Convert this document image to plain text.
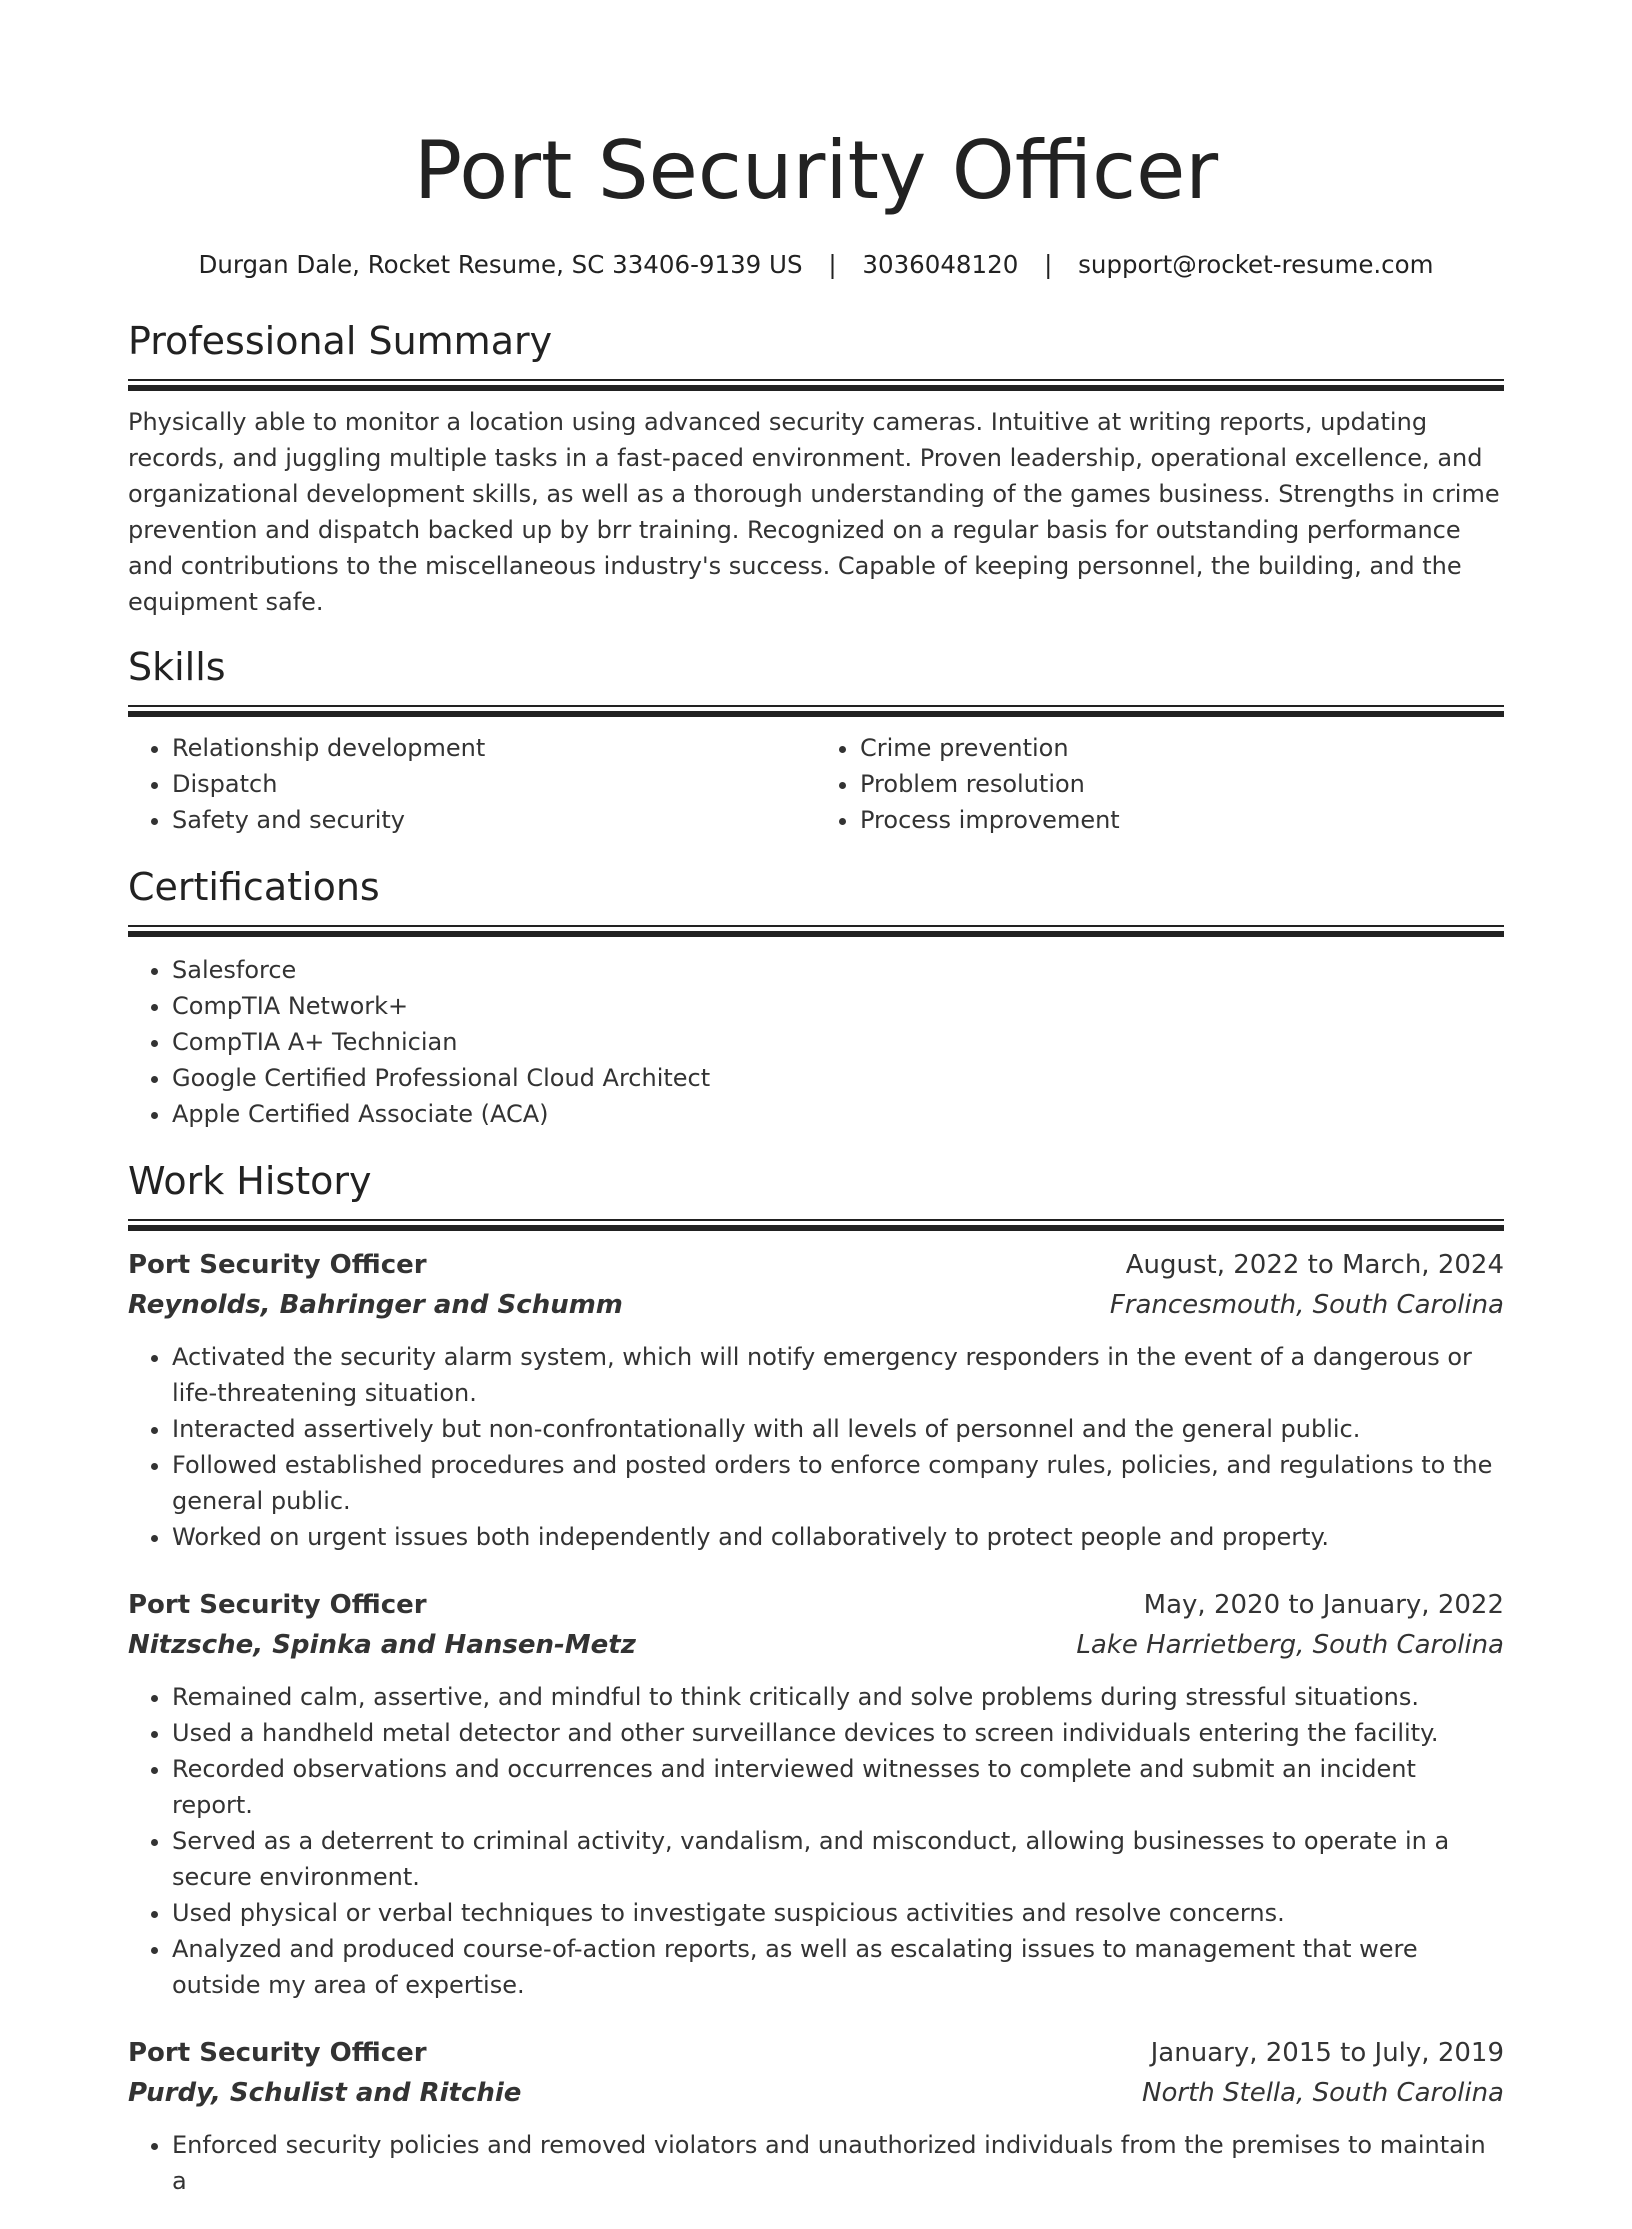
Port Security Officer
Durgan Dale, Rocket Resume, SC 33406-9139 US | 3036048120 | support@rocket-resume.com
Professional Summary

Physically able to monitor a location using advanced security cameras. Intuitive at writing reports, updating records, and juggling multiple tasks in a fast-paced environment. Proven leadership, operational excellence, and organizational development skills, as well as a thorough understanding of the games business. Strengths in crime prevention and dispatch backed up by brr training. Recognized on a regular basis for outstanding performance and contributions to the miscellaneous industry's success. Capable of keeping personnel, the building, and the equipment safe.

Skills
• Relationship development
• Dispatch
• Safety and security
• Crime prevention
• Problem resolution
• Process improvement
Certifications
• Salesforce
• CompTIA Network+
• CompTIA A+ Technician
• Google Certified Professional Cloud Architect
• Apple Certified Associate (ACA)
Work History
Port Security Officer	August, 2022 to March, 2024
Reynolds, Bahringer and Schumm	Francesmouth, South Carolina
• Activated the security alarm system, which will notify emergency responders in the event of a dangerous or life-threatening situation.
• Interacted assertively but non-confrontationally with all levels of personnel and the general public.
• Followed established procedures and posted orders to enforce company rules, policies, and regulations to the general public.
• Worked on urgent issues both independently and collaboratively to protect people and property.
Port Security Officer	May, 2020 to January, 2022
Nitzsche, Spinka and Hansen-Metz	Lake Harrietberg, South Carolina
• Remained calm, assertive, and mindful to think critically and solve problems during stressful situations.
• Used a handheld metal detector and other surveillance devices to screen individuals entering the facility.
• Recorded observations and occurrences and interviewed witnesses to complete and submit an incident report.
• Served as a deterrent to criminal activity, vandalism, and misconduct, allowing businesses to operate in a secure environment.
• Used physical or verbal techniques to investigate suspicious activities and resolve concerns.
• Analyzed and produced course-of-action reports, as well as escalating issues to management that were outside my area of expertise.
Port Security Officer	January, 2015 to July, 2019
Purdy, Schulist and Ritchie	North Stella, South Carolina
• Enforced security policies and removed violators and unauthorized individuals from the premises to maintain a
